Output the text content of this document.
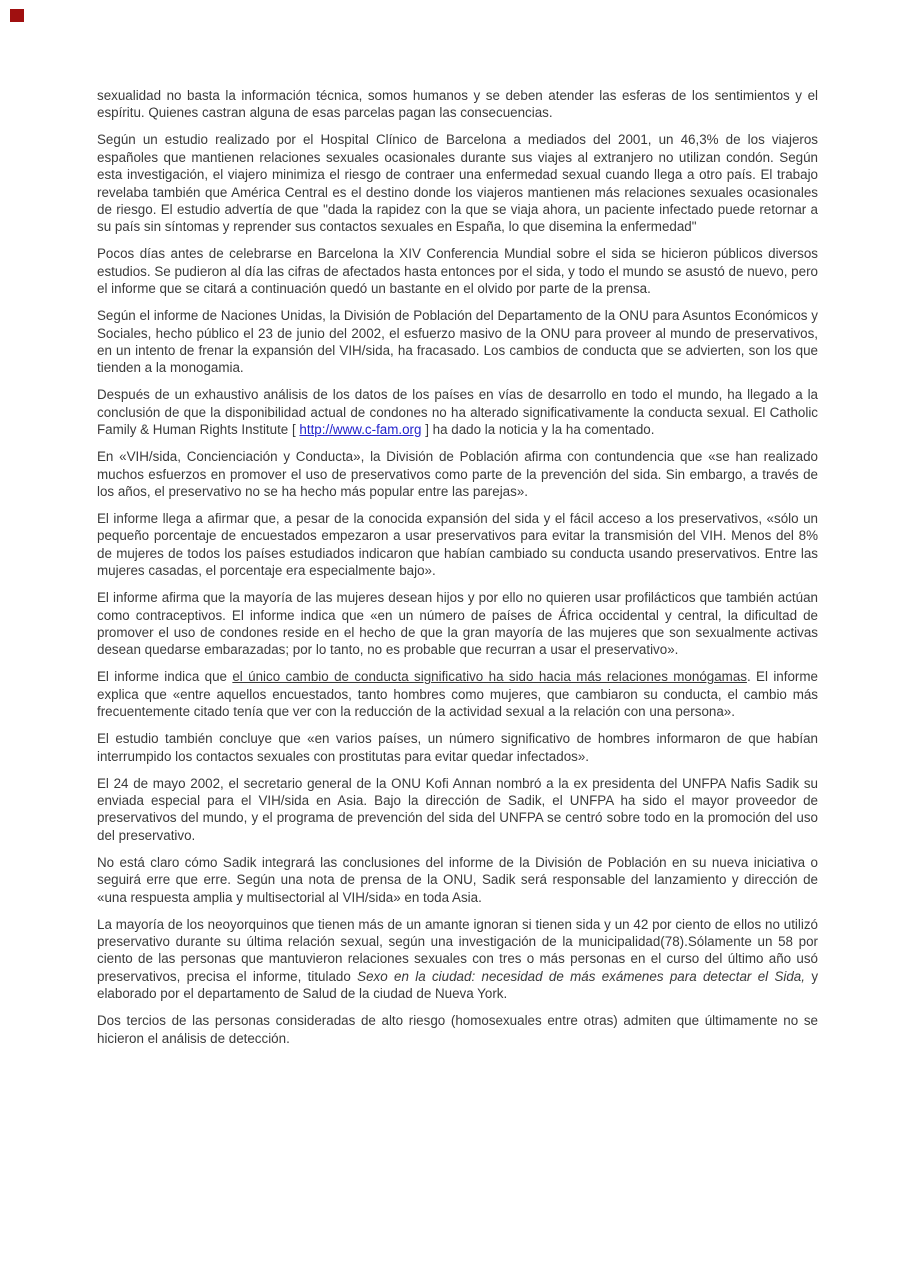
sexualidad no basta la información técnica, somos humanos y se deben atender las esferas de los sentimientos y el espíritu. Quienes castran alguna de esas parcelas pagan las consecuencias.

Según un estudio realizado por el Hospital Clínico de Barcelona a mediados del 2001, un 46,3% de los viajeros españoles que mantienen relaciones sexuales ocasionales durante sus viajes al extranjero no utilizan condón. Según esta investigación, el viajero minimiza el riesgo de contraer una enfermedad sexual cuando llega a otro país. El trabajo revelaba también que América Central es el destino donde los viajeros mantienen más relaciones sexuales ocasionales de riesgo. El estudio advertía de que "dada la rapidez con la que se viaja ahora, un paciente infectado puede retornar a su país sin síntomas y reprender sus contactos sexuales en España, lo que disemina la enfermedad"

Pocos días antes de celebrarse en Barcelona la XIV Conferencia Mundial sobre el sida se hicieron públicos diversos estudios. Se pudieron al día las cifras de afectados hasta entonces por el sida, y todo el mundo se asustó de nuevo, pero el informe que se citará a continuación quedó un bastante en el olvido por parte de la prensa.

Según el informe de Naciones Unidas, la División de Población del Departamento de la ONU para Asuntos Económicos y Sociales, hecho público el 23 de junio del 2002, el esfuerzo masivo de la ONU para proveer al mundo de preservativos, en un intento de frenar la expansión del VIH/sida, ha fracasado. Los cambios de conducta que se advierten, son los que tienden a la monogamia.

Después de un exhaustivo análisis de los datos de los países en vías de desarrollo en todo el mundo, ha llegado a la conclusión de que la disponibilidad actual de condones no ha alterado significativamente la conducta sexual. El Catholic Family & Human Rights Institute [ http://www.c-fam.org ] ha dado la noticia y la ha comentado.

En «VIH/sida, Concienciación y Conducta», la División de Población afirma con contundencia que «se han realizado muchos esfuerzos en promover el uso de preservativos como parte de la prevención del sida. Sin embargo, a través de los años, el preservativo no se ha hecho más popular entre las parejas».

El informe llega a afirmar que, a pesar de la conocida expansión del sida y el fácil acceso a los preservativos, «sólo un pequeño porcentaje de encuestados empezaron a usar preservativos para evitar la transmisión del VIH. Menos del 8% de mujeres de todos los países estudiados indicaron que habían cambiado su conducta usando preservativos. Entre las mujeres casadas, el porcentaje era especialmente bajo».

El informe afirma que la mayoría de las mujeres desean hijos y por ello no quieren usar profilácticos que también actúan como contraceptivos. El informe indica que «en un número de países de África occidental y central, la dificultad de promover el uso de condones reside en el hecho de que la gran mayoría de las mujeres que son sexualmente activas desean quedarse embarazadas; por lo tanto, no es probable que recurran a usar el preservativo».

El informe indica que el único cambio de conducta significativo ha sido hacia más relaciones monógamas. El informe explica que «entre aquellos encuestados, tanto hombres como mujeres, que cambiaron su conducta, el cambio más frecuentemente citado tenía que ver con la reducción de la actividad sexual a la relación con una persona».

El estudio también concluye que «en varios países, un número significativo de hombres informaron de que habían interrumpido los contactos sexuales con prostitutas para evitar quedar infectados».

El 24 de mayo 2002, el secretario general de la ONU Kofi Annan nombró a la ex presidenta del UNFPA Nafis Sadik su enviada especial para el VIH/sida en Asia. Bajo la dirección de Sadik, el UNFPA ha sido el mayor proveedor de preservativos del mundo, y el programa de prevención del sida del UNFPA se centró sobre todo en la promoción del uso del preservativo.

No está claro cómo Sadik integrará las conclusiones del informe de la División de Población en su nueva iniciativa o seguirá erre que erre. Según una nota de prensa de la ONU, Sadik será responsable del lanzamiento y dirección de «una respuesta amplia y multisectorial al VIH/sida» en toda Asia.

La mayoría de los neoyorquinos que tienen más de un amante ignoran si tienen sida y un 42 por ciento de ellos no utilizó preservativo durante su última relación sexual, según una investigación de la municipalidad(78).Sólamente un 58 por ciento de las personas que mantuvieron relaciones sexuales con tres o más personas en el curso del último año usó preservativos, precisa el informe, titulado Sexo en la ciudad: necesidad de más exámenes para detectar el Sida, y elaborado por el departamento de Salud de la ciudad de Nueva York.

Dos tercios de las personas consideradas de alto riesgo (homosexuales entre otras) admiten que últimamente no se hicieron el análisis de detección.
